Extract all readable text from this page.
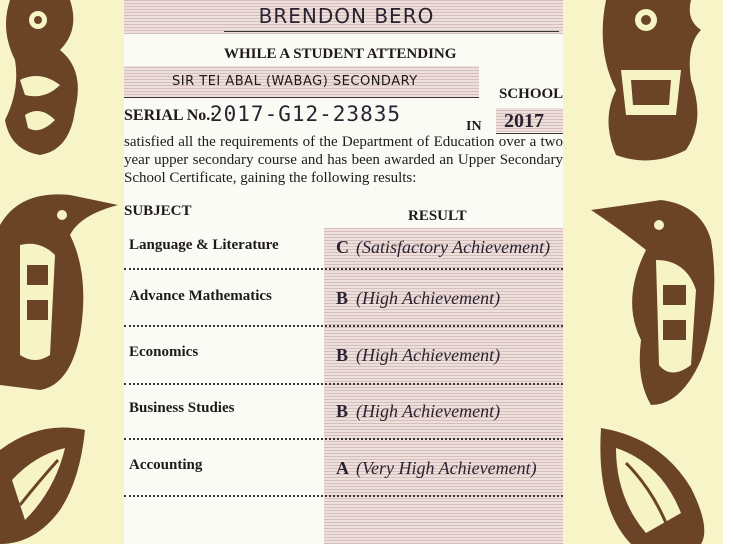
BRENDON BERO
WHILE A STUDENT ATTENDING
SIR TEI ABAL (WABAG) SECONDARY
SCHOOL
SERIAL No.:
2017-G12-23835
IN 2017
satisfied all the requirements of the Department of Education over a two year upper secondary course and has been awarded an Upper Secondary School Certificate, gaining the following results:
SUBJECT	RESULT
Language & Literature	C (Satisfactory Achievement)
Advance Mathematics	B (High Achievement)
Economics	B (High Achievement)
Business Studies	B (High Achievement)
Accounting	A (Very High Achievement)
